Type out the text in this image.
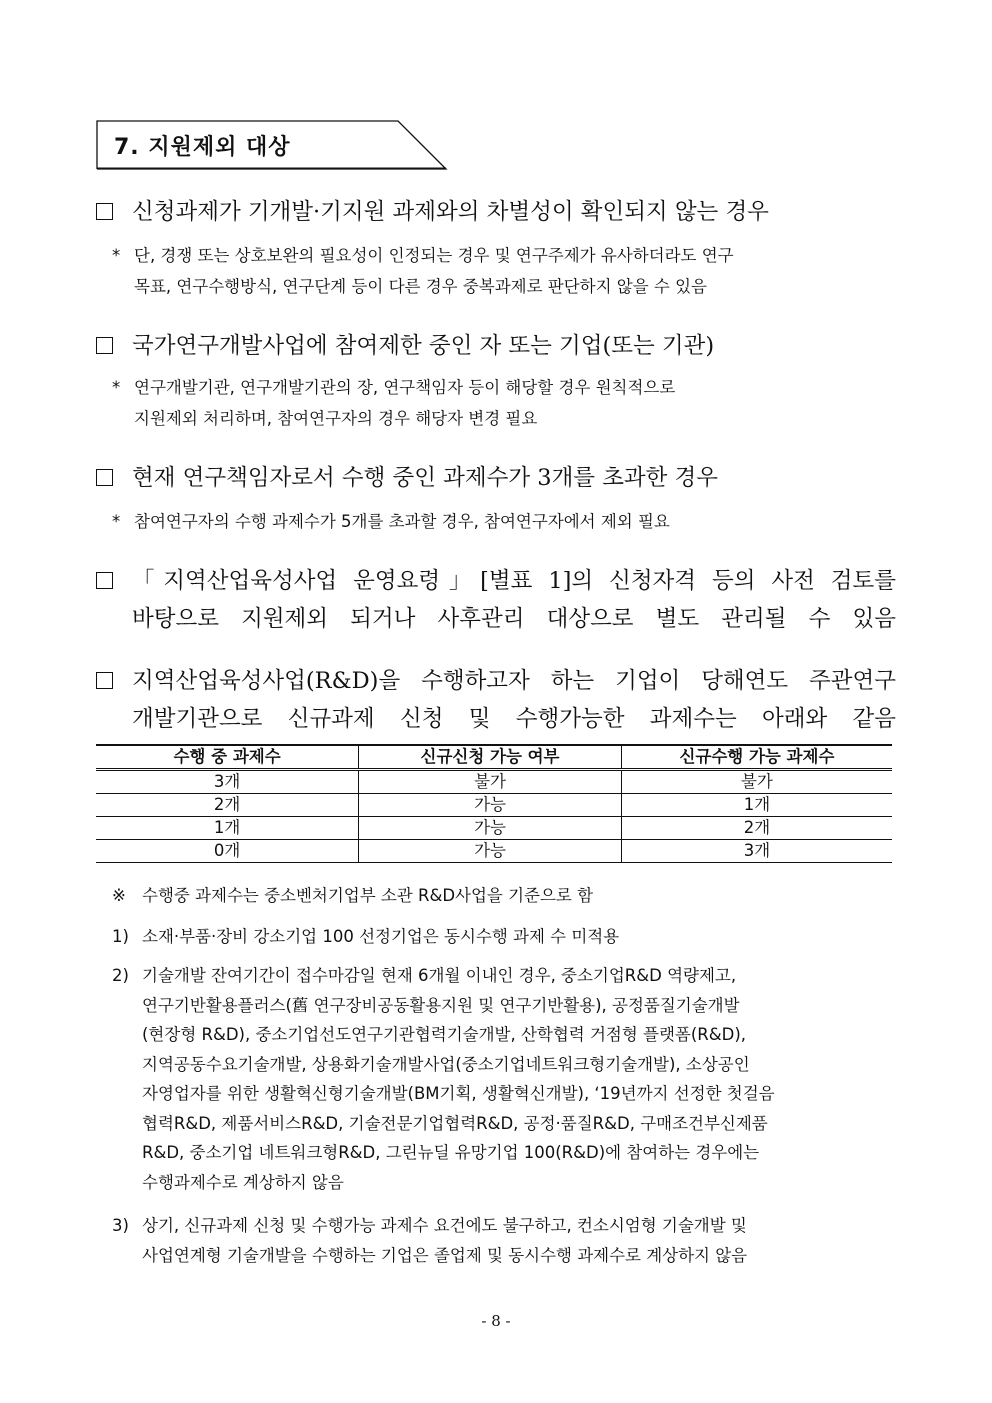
7. 지원제외 대상
신청과제가 기개발·기지원 과제와의 차별성이 확인되지 않는 경우
* 단, 경쟁 또는 상호보완의 필요성이 인정되는 경우 및 연구주제가 유사하더라도 연구
목표, 연구수행방식, 연구단계 등이 다른 경우 중복과제로 판단하지 않을 수 있음
국가연구개발사업에 참여제한 중인 자 또는 기업(또는 기관)
* 연구개발기관, 연구개발기관의 장, 연구책임자 등이 해당할 경우 원칙적으로
지원제외 처리하며, 참여연구자의 경우 해당자 변경 필요
현재 연구책임자로서 수행 중인 과제수가 3개를 초과한 경우
* 참여연구자의 수행 과제수가 5개를 초과할 경우, 참여연구자에서 제외 필요
「지역산업육성사업 운영요령」[별표 1]의 신청자격 등의 사전 검토를
바탕으로 지원제외 되거나 사후관리 대상으로 별도 관리될 수 있음
지역산업육성사업(R&D)을 수행하고자 하는 기업이 당해연도 주관연구
개발기관으로 신규과제 신청 및 수행가능한 과제수는 아래와 같음
수행 중 과제수	신규신청 가능 여부	신규수행 가능 과제수
3개	불가	불가
2개	가능	1개
1개	가능	2개
0개	가능	3개
※ 수행중 과제수는 중소벤처기업부 소관 R&D사업을 기준으로 함
1) 소재·부품·장비 강소기업 100 선정기업은 동시수행 과제 수 미적용
2) 기술개발 잔여기간이 접수마감일 현재 6개월 이내인 경우, 중소기업R&D 역량제고,
연구기반활용플러스(舊 연구장비공동활용지원 및 연구기반활용), 공정품질기술개발
(현장형 R&D), 중소기업선도연구기관협력기술개발, 산학협력 거점형 플랫폼(R&D),
지역공동수요기술개발, 상용화기술개발사업(중소기업네트워크형기술개발), 소상공인
자영업자를 위한 생활혁신형기술개발(BM기획, 생활혁신개발), ‘19년까지 선정한 첫걸음
협력R&D, 제품서비스R&D, 기술전문기업협력R&D, 공정·품질R&D, 구매조건부신제품
R&D, 중소기업 네트워크형R&D, 그린뉴딜 유망기업 100(R&D)에 참여하는 경우에는
수행과제수로 계상하지 않음
3) 상기, 신규과제 신청 및 수행가능 과제수 요건에도 불구하고, 컨소시엄형 기술개발 및
사업연계형 기술개발을 수행하는 기업은 졸업제 및 동시수행 과제수로 계상하지 않음
- 8 -
